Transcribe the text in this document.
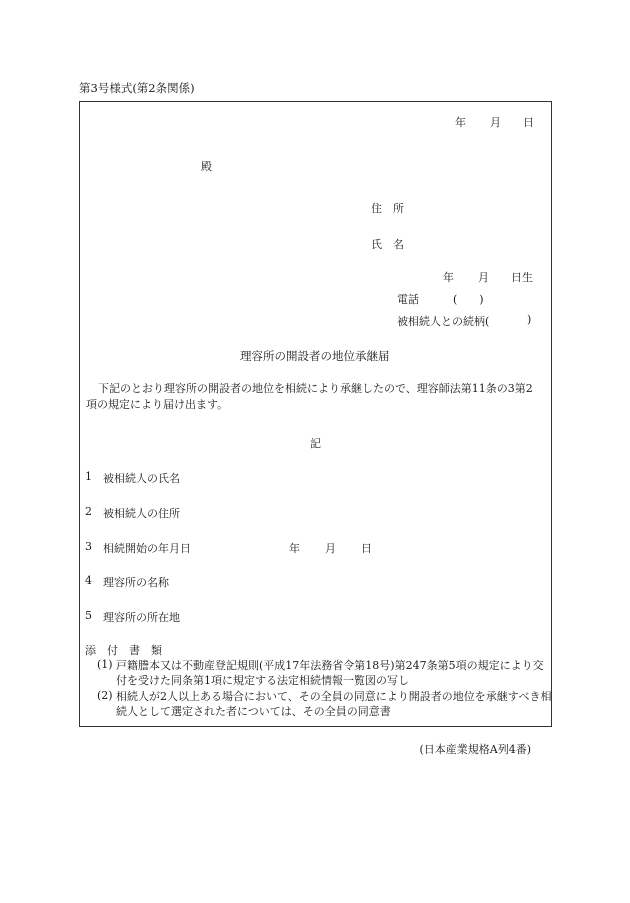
第3号様式(第2条関係)
年 月 日
殿
住　所
氏　名
年 月 日生
電話	(　　)
被相続人との続柄(	)
理容所の開設者の地位承継届
下記のとおり理容所の開設者の地位を相続により承継したので、理容師法第11条の3第2項の規定により届け出ます。
記
1 被相続人の氏名
2 被相続人の住所
3 相続開始の年月日	年 月 日
4 理容所の名称
5 理容所の所在地
添　付　書　類
(1) 戸籍謄本又は不動産登記規則(平成17年法務省令第18号)第247条第5項の規定により交付を受けた同条第1項に規定する法定相続情報一覧図の写し
(2) 相続人が2人以上ある場合において、その全員の同意により開設者の地位を承継すべき相続人として選定された者については、その全員の同意書
(日本産業規格A列4番)
